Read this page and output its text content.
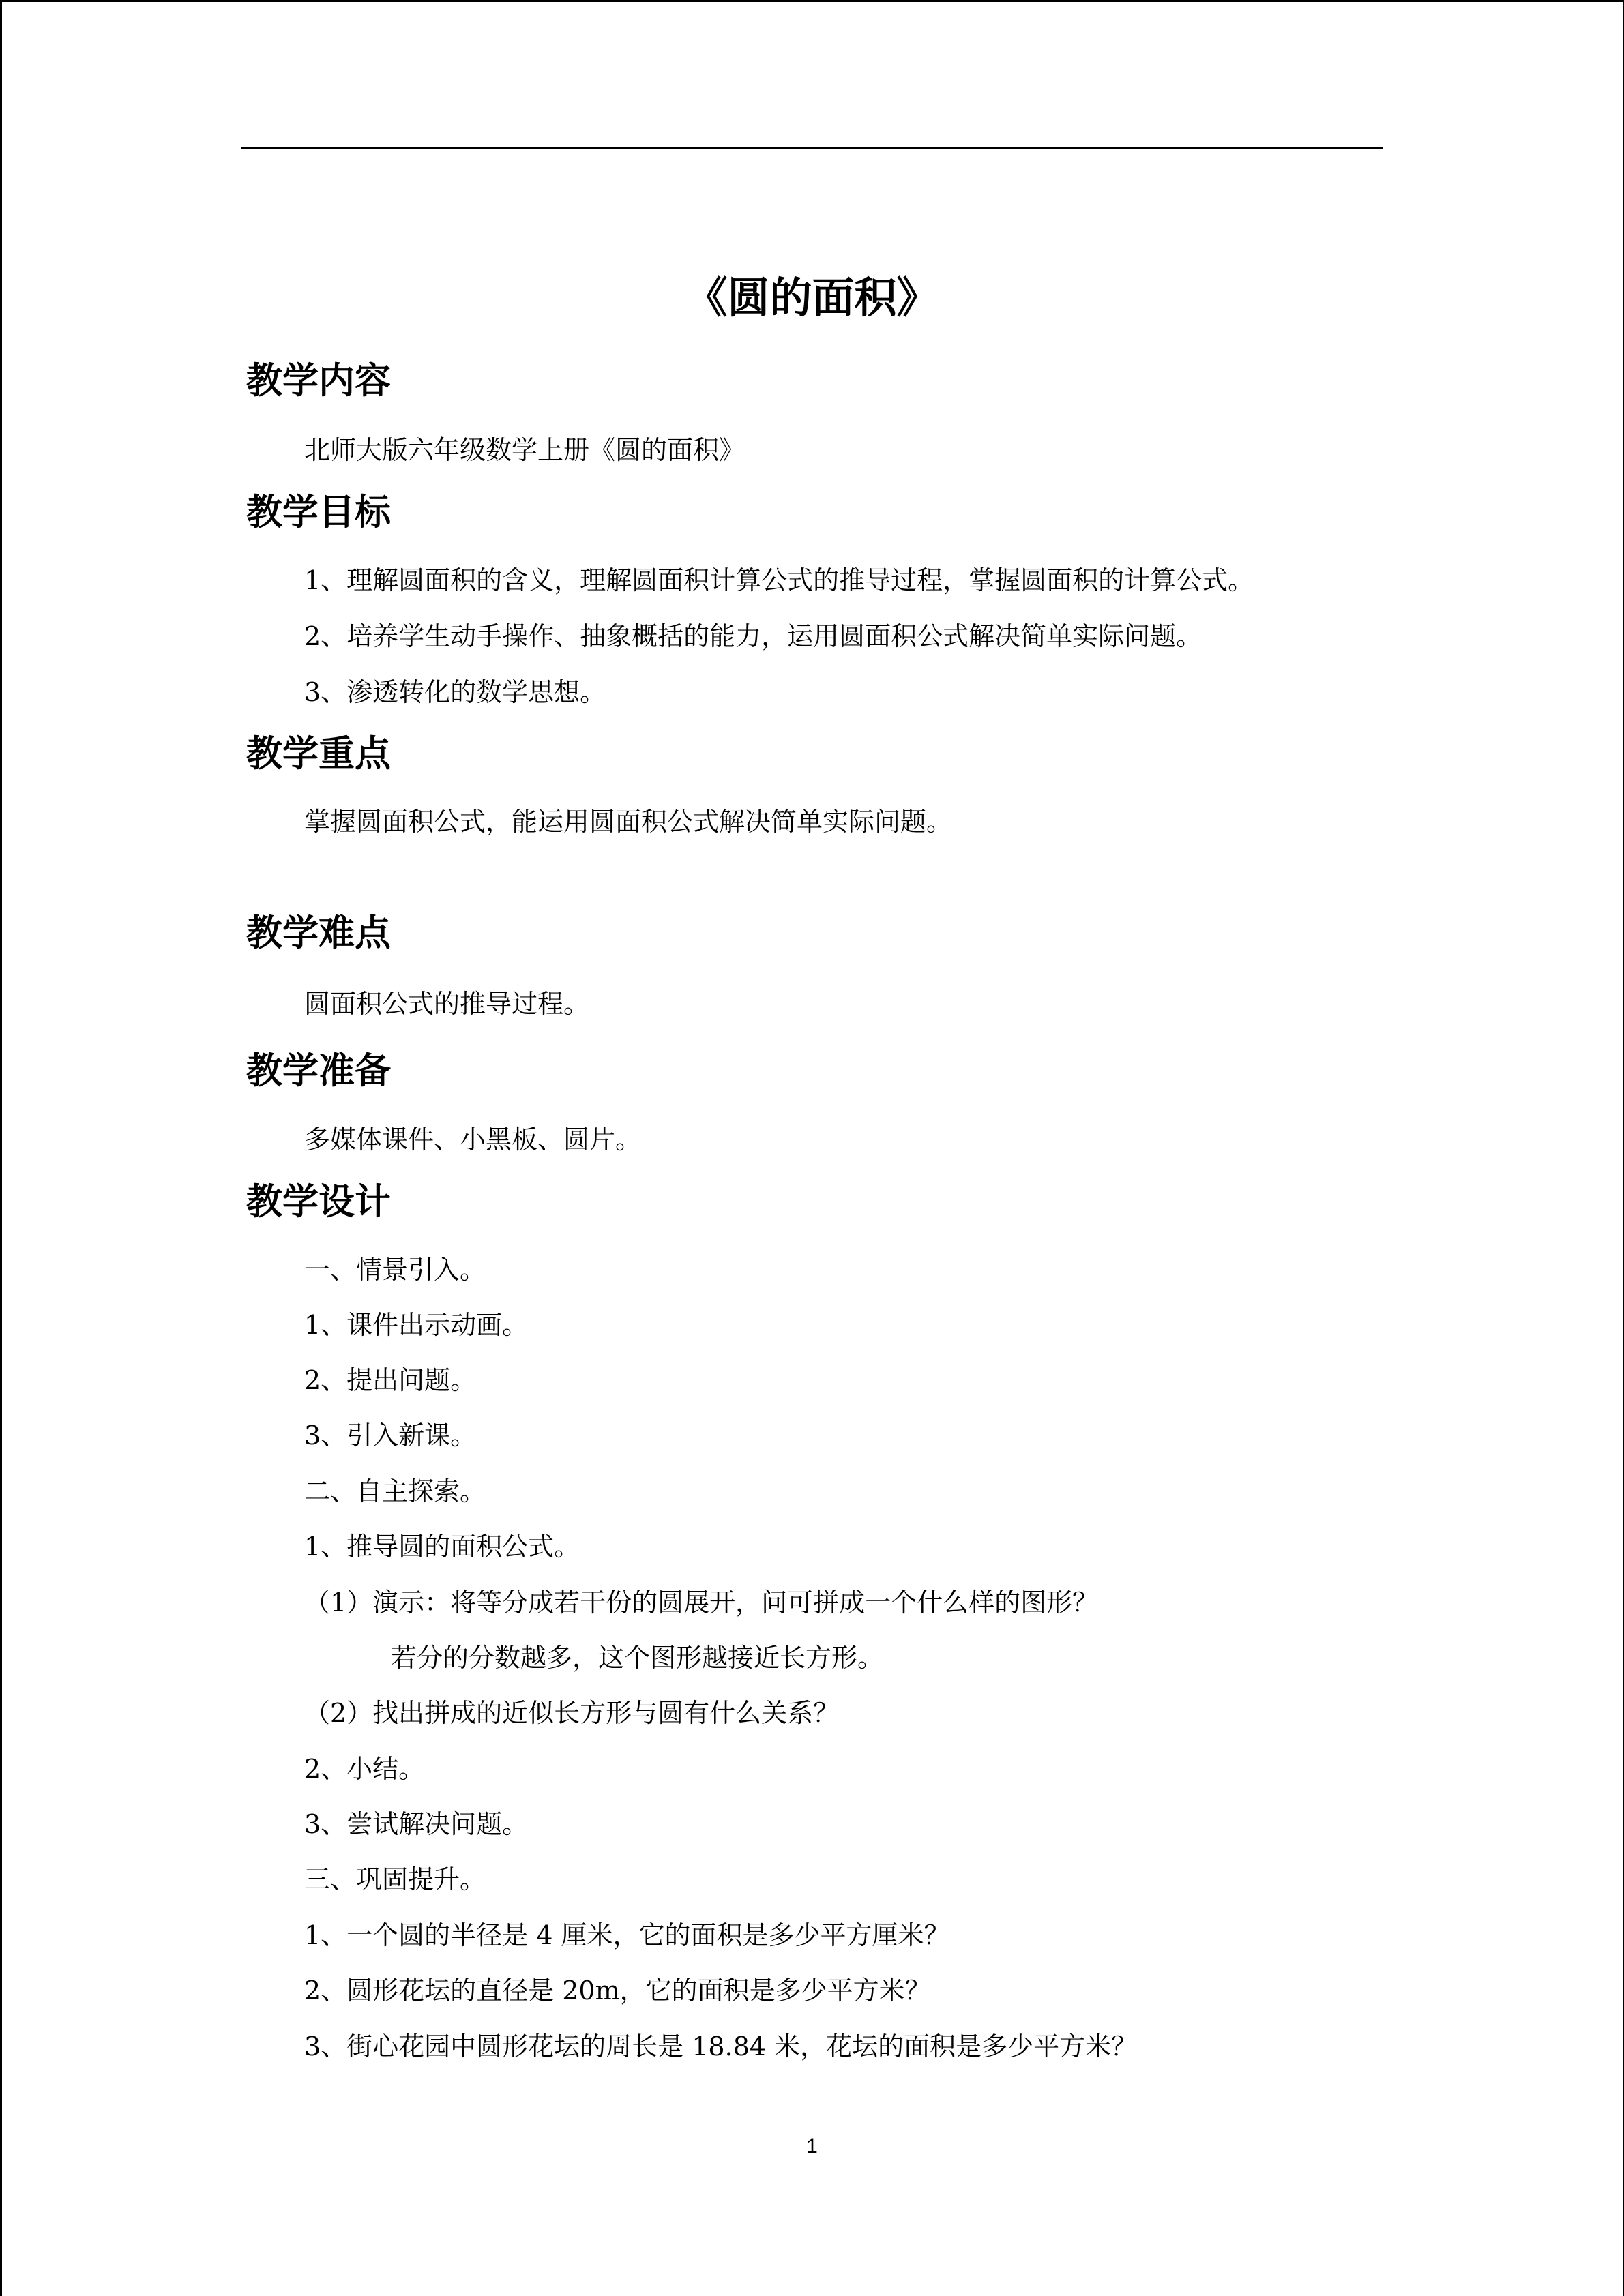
《圆的面积》
教学内容
北师大版六年级数学上册《圆的面积》
教学目标
1、理解圆面积的含义，理解圆面积计算公式的推导过程，掌握圆面积的计算公式。
2、培养学生动手操作、抽象概括的能力，运用圆面积公式解决简单实际问题。
3、渗透转化的数学思想。
教学重点
掌握圆面积公式，能运用圆面积公式解决简单实际问题。
教学难点
圆面积公式的推导过程。
教学准备
多媒体课件、小黑板、圆片。
教学设计
一、情景引入。
1、课件出示动画。
2、提出问题。
3、引入新课。
二、自主探索。
1、推导圆的面积公式。
（1）演示：将等分成若干份的圆展开，问可拼成一个什么样的图形？
若分的分数越多，这个图形越接近长方形。
（2）找出拼成的近似长方形与圆有什么关系？
2、小结。
3、尝试解决问题。
三、巩固提升。
1、一个圆的半径是 4 厘米，它的面积是多少平方厘米？
2、圆形花坛的直径是 20m，它的面积是多少平方米？
3、街心花园中圆形花坛的周长是 18.84 米，花坛的面积是多少平方米？
1
